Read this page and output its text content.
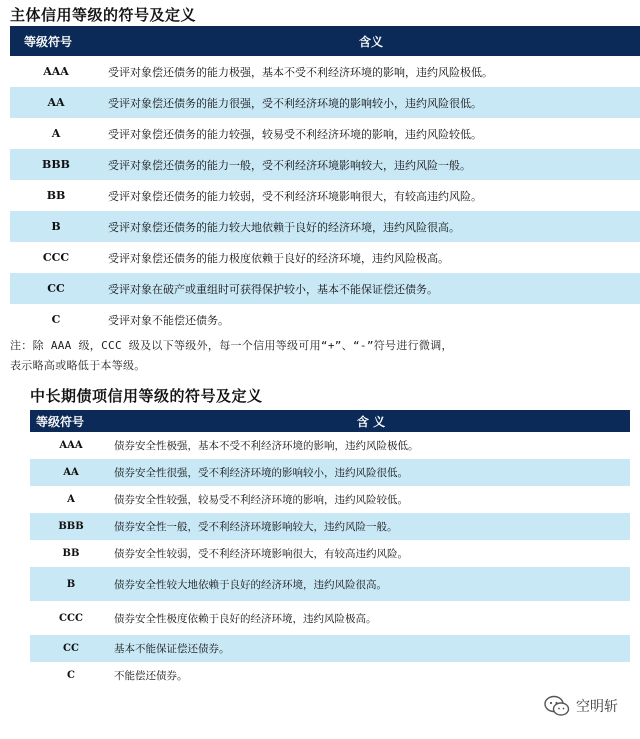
主体信用等级的符号及定义
等级符号	含义
AAA	受评对象偿还债务的能力极强，基本不受不利经济环境的影响，违约风险极低。
AA	受评对象偿还债务的能力很强，受不利经济环境的影响较小，违约风险很低。
A	受评对象偿还债务的能力较强，较易受不利经济环境的影响，违约风险较低。
BBB	受评对象偿还债务的能力一般，受不利经济环境影响较大，违约风险一般。
BB	受评对象偿还债务的能力较弱，受不利经济环境影响很大，有较高违约风险。
B	受评对象偿还债务的能力较大地依赖于良好的经济环境，违约风险很高。
CCC	受评对象偿还债务的能力极度依赖于良好的经济环境，违约风险极高。
CC	受评对象在破产或重组时可获得保护较小，基本不能保证偿还债务。
C	受评对象不能偿还债务。
注：除 AAA 级，CCC 级及以下等级外，每一个信用等级可用“+”、“-”符号进行微调，
表示略高或略低于本等级。
中长期债项信用等级的符号及定义
等级符号	含 义
AAA	债券安全性极强，基本不受不利经济环境的影响，违约风险极低。
AA	债券安全性很强，受不利经济环境的影响较小，违约风险很低。
A	债券安全性较强，较易受不利经济环境的影响，违约风险较低。
BBB	债券安全性一般，受不利经济环境影响较大，违约风险一般。
BB	债券安全性较弱，受不利经济环境影响很大，有较高违约风险。
B	债券安全性较大地依赖于良好的经济环境，违约风险很高。
CCC	债券安全性极度依赖于良好的经济环境，违约风险极高。
CC	基本不能保证偿还债券。
C	不能偿还债券。
空明斩
